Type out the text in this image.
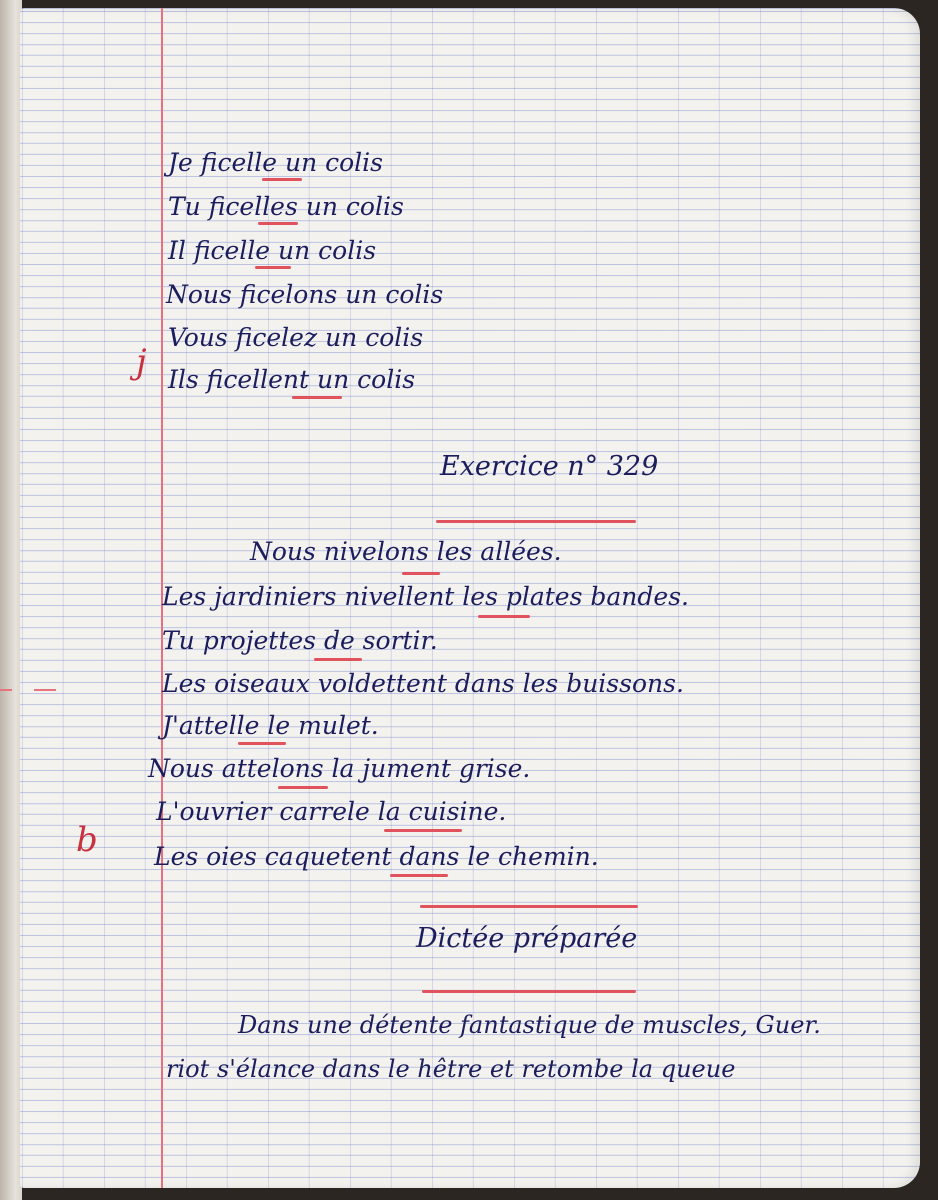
Je ficelle un colis

Tu ficelles un colis

Il ficelle un colis

Nous ficelons un colis

Vous ficelez un colis

Ils ficellent un colis

Exercice n° 329

Nous nivelons les allées.

Les jardiniers nivellent les plates bandes.

Tu projettes de sortir.

Les oiseaux voldettent dans les buissons.

J'attelle le mulet.

Nous attelons la jument grise.

L'ouvrier carrele la cuisine.

Les oies caquetent dans le chemin.

Dictée préparée

Dans une détente fantastique de muscles, Guer.

riot s'élance dans le hêtre et retombe la queue

j

b
